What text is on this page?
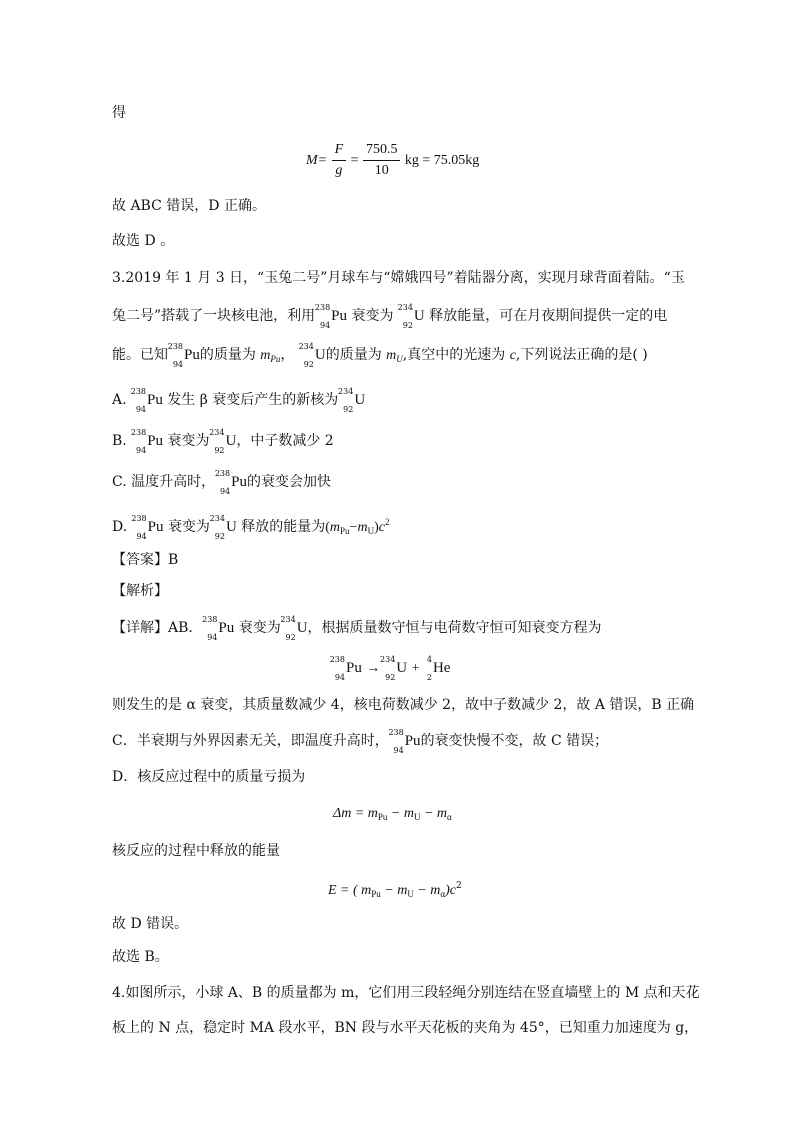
得
$M= \frac{F}{g} = \frac{750.5}{10}$ kg = 75.05kg
故 ABC 错误，D 正确。
故选 D 。
3.2019 年 1 月 3 日，“玉兔二号”月球车与“嫦娥四号”着陆器分离，实现月球背面着陆。“玉
兔二号”搭载了一块核电池，利用
238
94
Pu 衰变为
234
92
U 释放能量，可在月夜期间提供一定的电
能。已知
238
94
Pu的质量为 $m_{Pu}$，
234
92
U的质量为 $m_U$,真空中的光速为 c,下列说法正确的是( )
A.
238
94
Pu 发生 β 衰变后产生的新核为
234
92
U
B.
238
94
Pu 衰变为
234
92
U，中子数减少 2
C. 温度升高时，
238
94
Pu的衰变会加快
D.
238
94
Pu 衰变为
234
92
U 释放的能量为$(m_{Pu}-m_U)c^2$
【答案】B
【解析】
【详解】AB．
238
94
Pu 衰变为
234
92
U，根据质量数守恒与电荷数守恒可知衰变方程为
238
94
Pu →
234
92
U +
4
2
He
则发生的是 α 衰变，其质量数减少 4，核电荷数减少 2，故中子数减少 2，故 A 错误，B 正确
C．半衰期与外界因素无关，即温度升高时，
238
94
Pu的衰变快慢不变，故 C 错误；
D．核反应过程中的质量亏损为
$\Delta m = m_{Pu} - m_U - m_\alpha$
核反应的过程中释放的能量
E = ( $m_{Pu} - m_U - m_\alpha)c^2$
故 D 错误。
故选 B。
4.如图所示，小球 A、B 的质量都为 m，它们用三段轻绳分别连结在竖直墙壁上的 M 点和天花
板上的 N 点，稳定时 MA 段水平，BN 段与水平天花板的夹角为 45°，已知重力加速度为 g，
